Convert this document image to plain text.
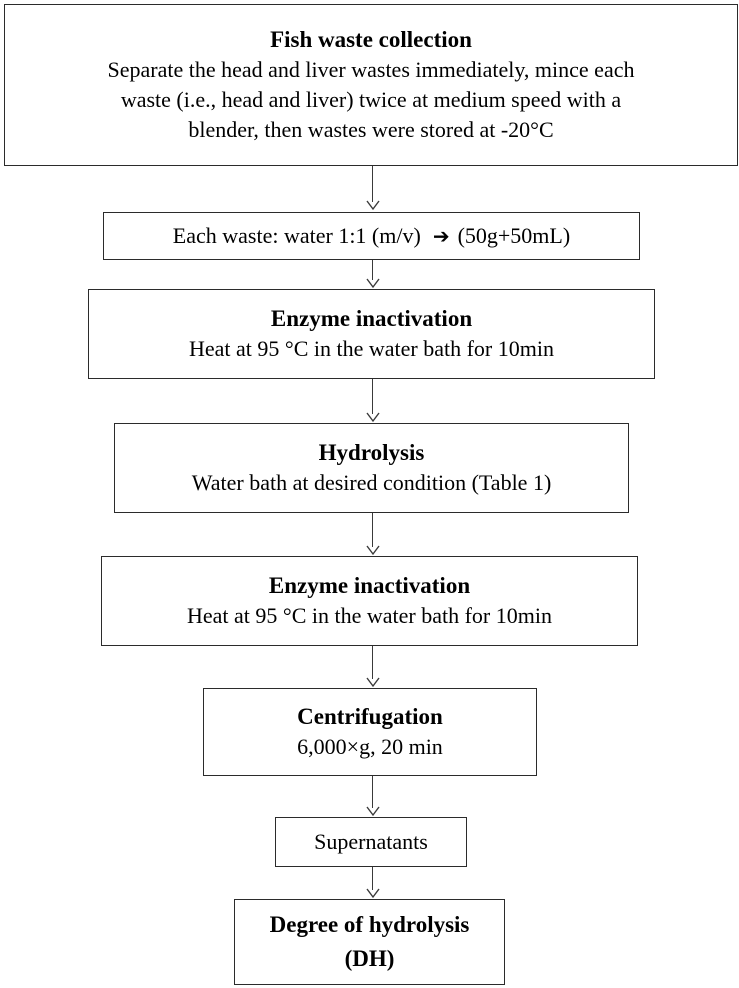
Fish waste collection
Separate the head and liver wastes immediately, mince each
waste (i.e., head and liver) twice at medium speed with a
blender, then wastes were stored at -20°C
Each waste: water 1:1 (m/v) ➔ (50g+50mL)
Enzyme inactivation
Heat at 95 °C in the water bath for 10min
Hydrolysis
Water bath at desired condition (Table 1)
Enzyme inactivation
Heat at 95 °C in the water bath for 10min
Centrifugation
6,000×g, 20 min
Supernatants
Degree of hydrolysis
(DH)
